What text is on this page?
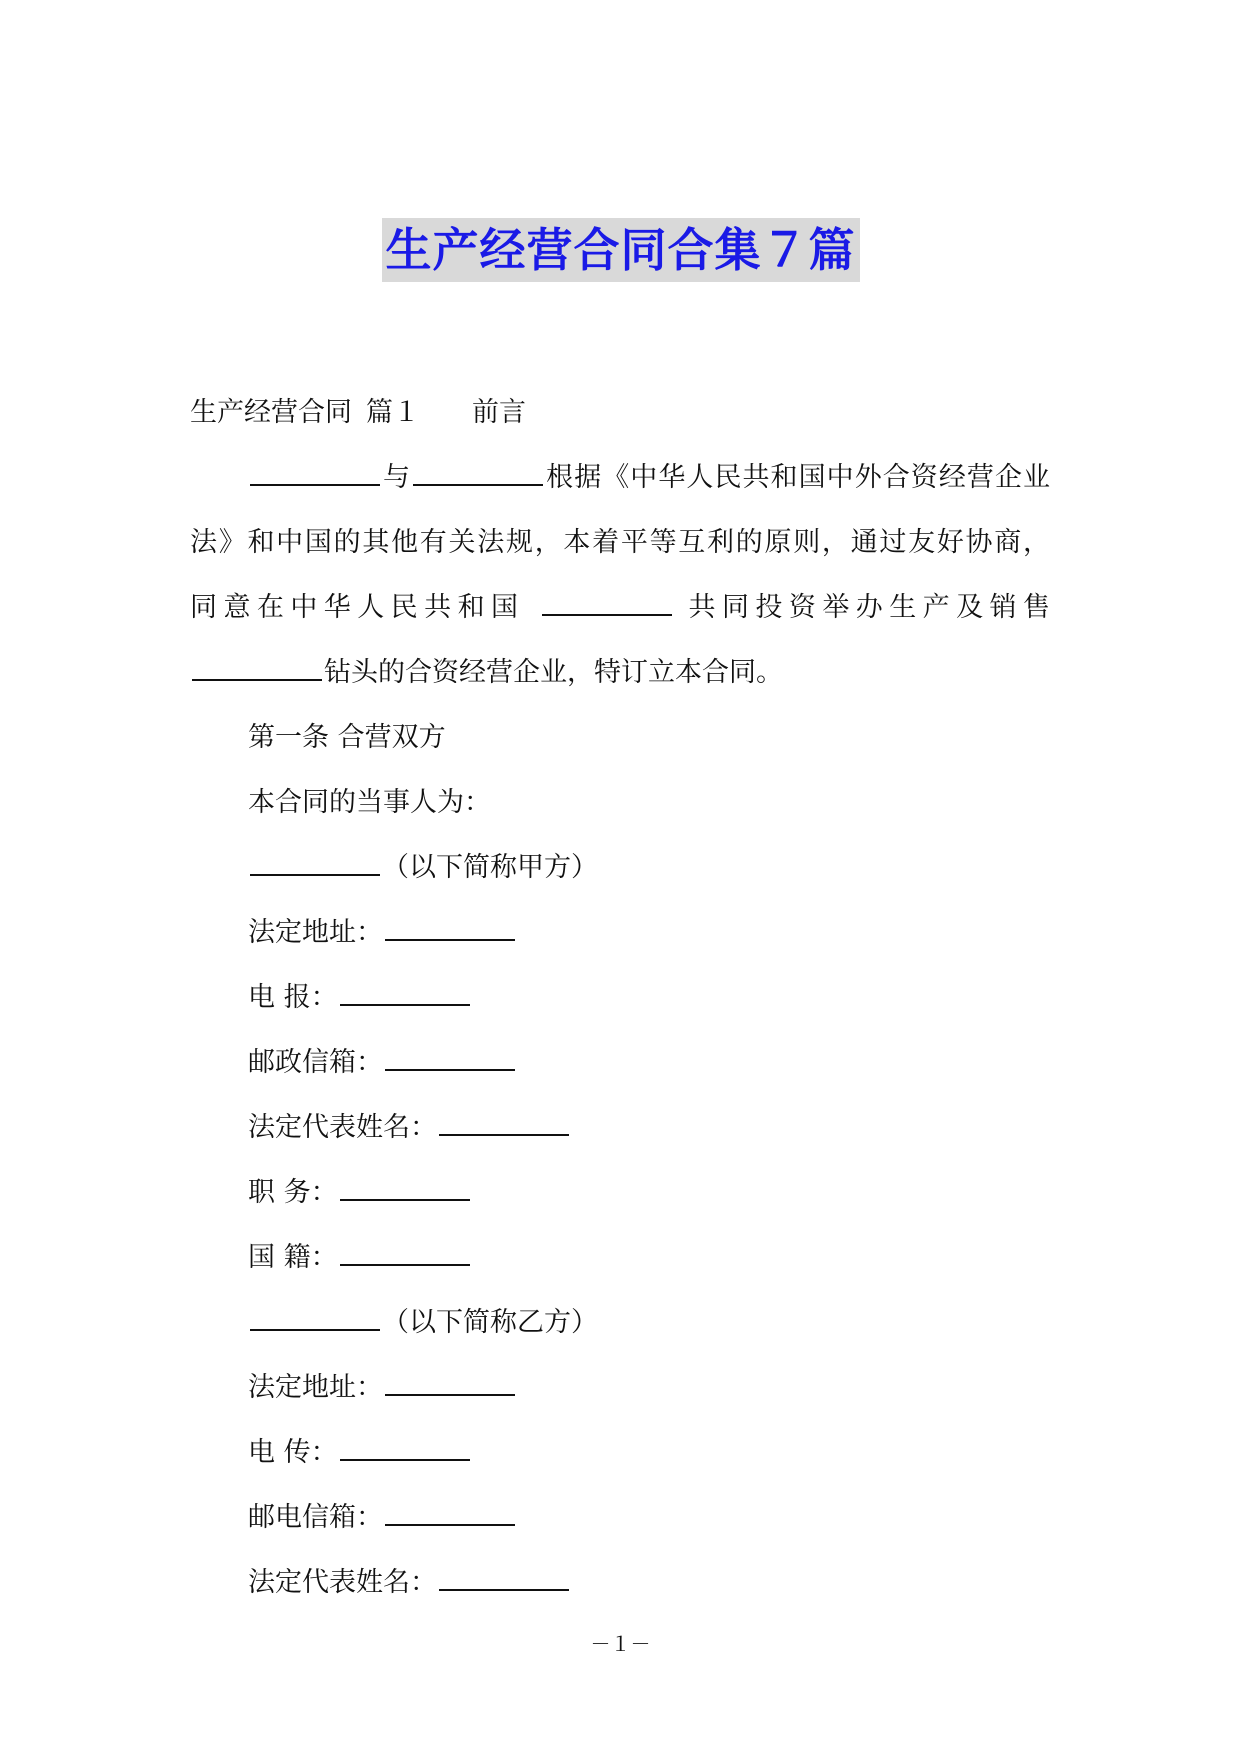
生产经营合同合集７篇
生产经营合同 篇１ 前言
与	根据《中华人民共和国中外合资经营企业
法》和中国的其他有关法规，本着平等互利的原则，通过友好协商，
同意在中华人民共和国	共同投资举办生产及销售
钻头的合资经营企业，特订立本合同。
第一条 合营双方
本合同的当事人为：
（以下简称甲方）
法定地址：
电 报：
邮政信箱：
法定代表姓名：
职 务：
国 籍：
（以下简称乙方）
法定地址：
电 传：
邮电信箱：
法定代表姓名：
－１－
